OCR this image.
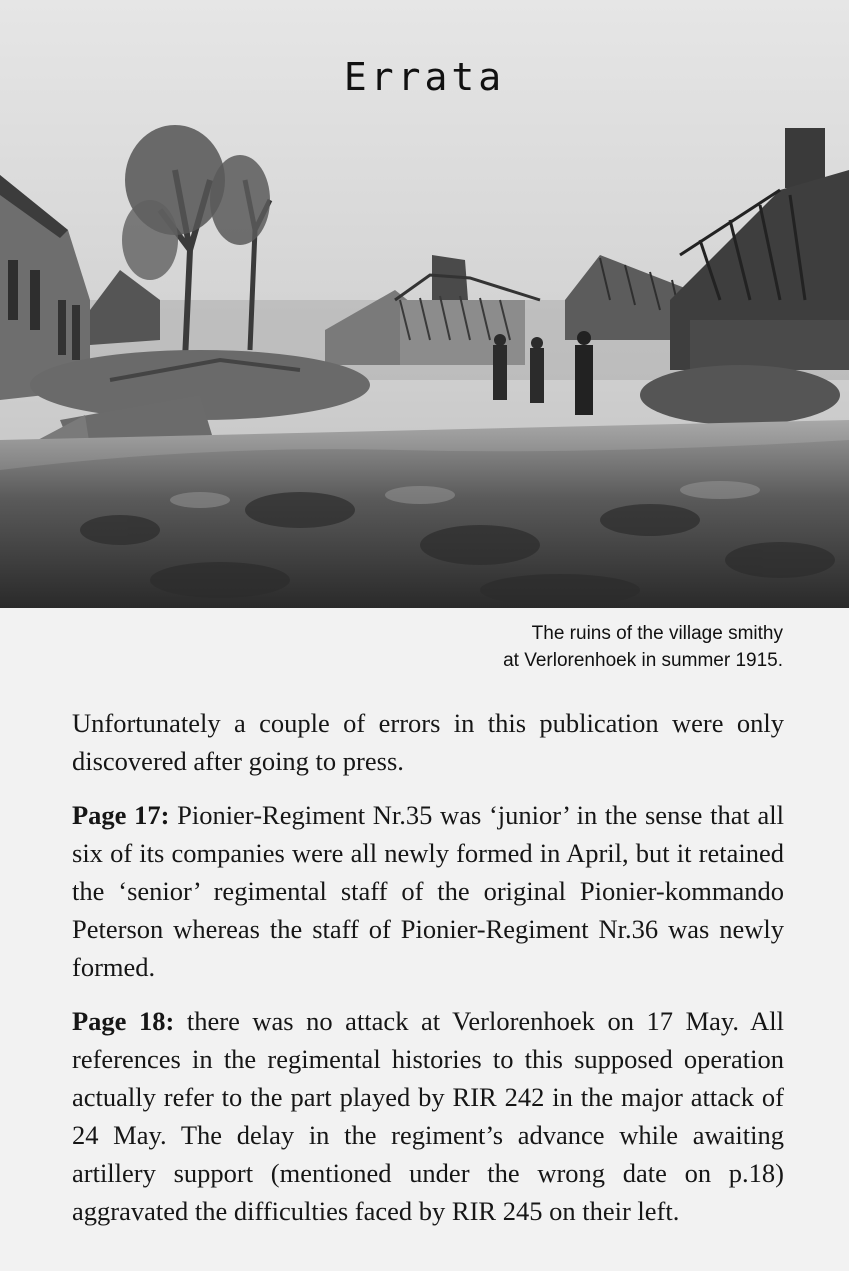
Errata
The ruins of the village smithy
at Verlorenhoek in summer 1915.

Unfortunately a couple of errors in this publication were only discovered after going to press.

Page 17: Pionier-Regiment Nr.35 was ‘junior’ in the sense that all six of its companies were all newly formed in April, but it retained the ‘senior’ regimental staff of the original Pionier-kommando Peterson whereas the staff of Pionier-Regiment Nr.36 was newly formed.

Page 18: there was no attack at Verlorenhoek on 17 May. All references in the regimental histories to this supposed operation actually refer to the part played by RIR 242 in the major attack of 24 May. The delay in the regiment’s advance while awaiting artillery support (mentioned under the wrong date on p.18) aggravated the difficulties faced by RIR 245 on their left.
